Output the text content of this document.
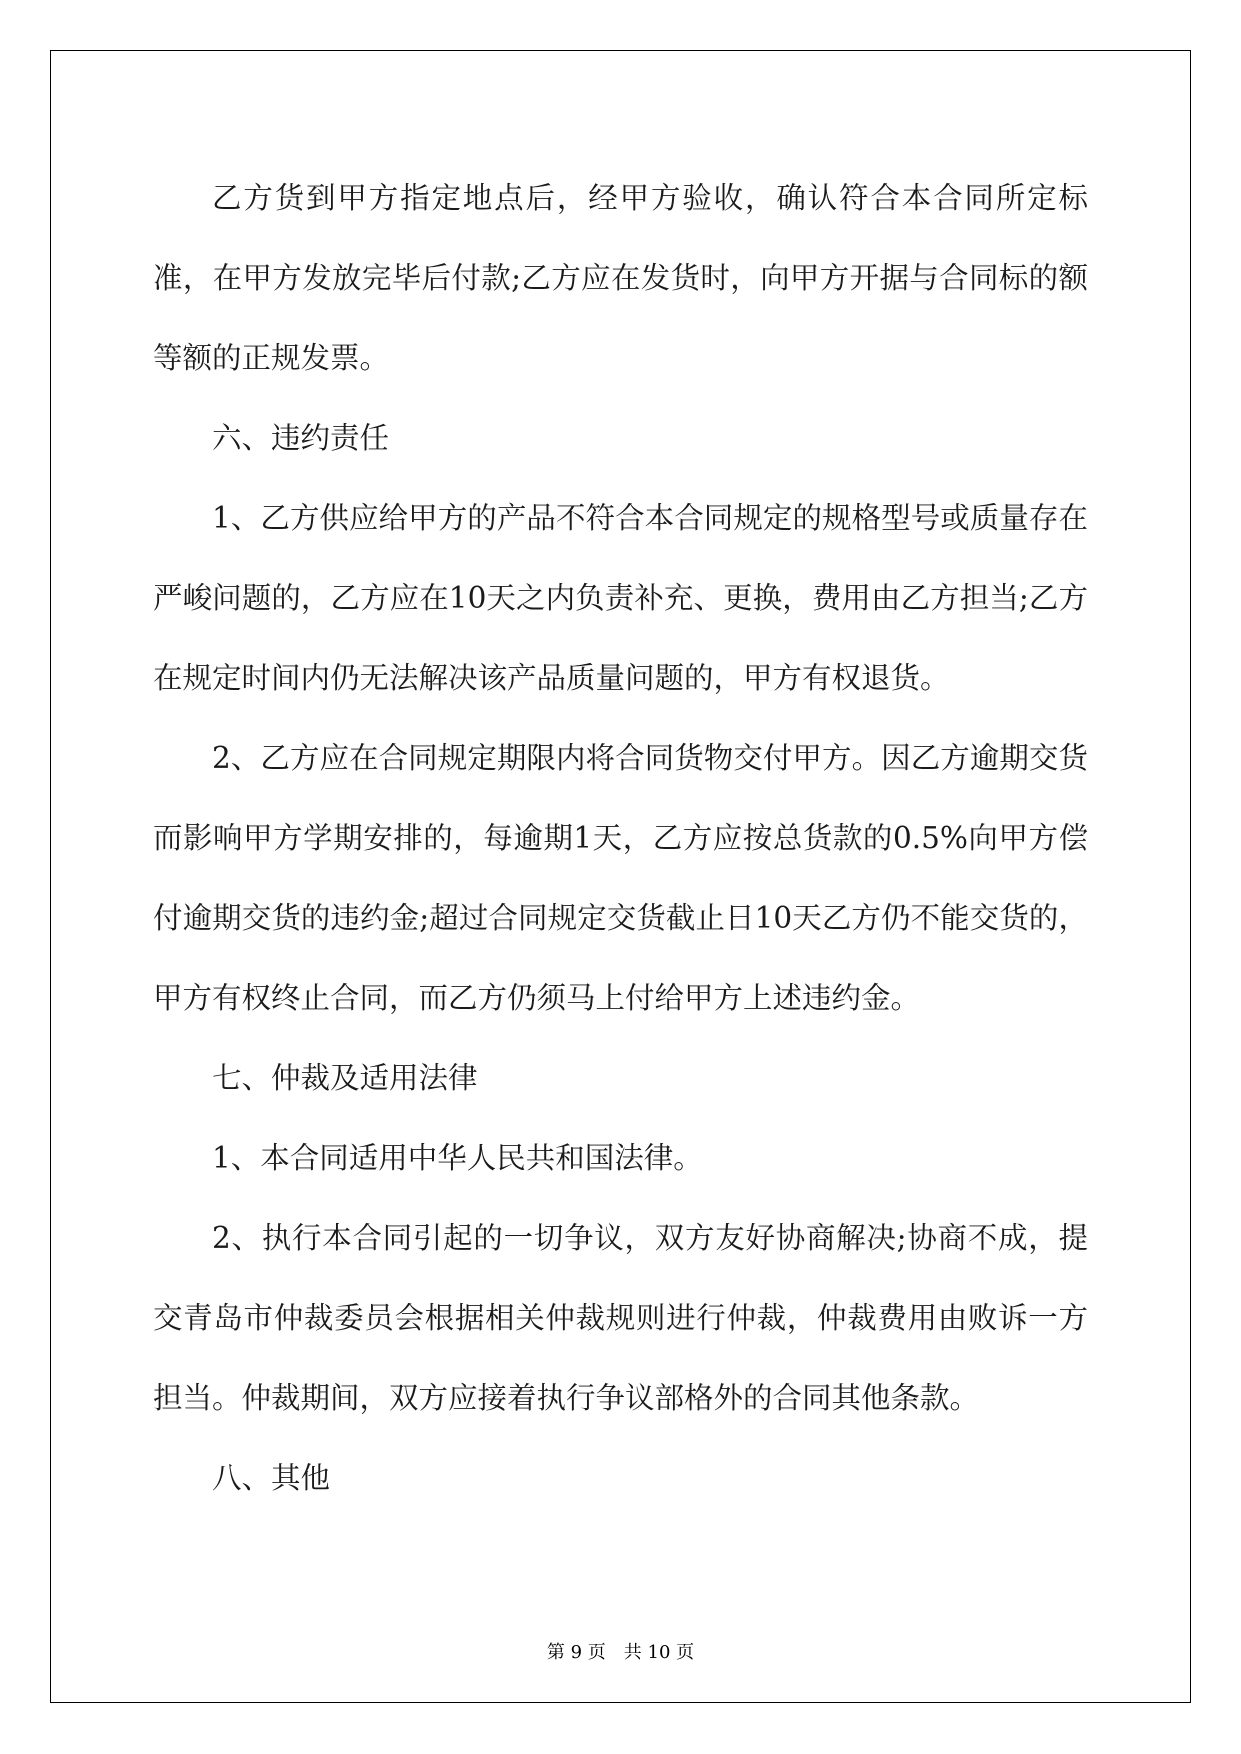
乙方货到甲方指定地点后，经甲方验收，确认符合本合同所定标准，在甲方发放完毕后付款;乙方应在发货时，向甲方开据与合同标的额等额的正规发票。

六、违约责任

1、乙方供应给甲方的产品不符合本合同规定的规格型号或质量存在严峻问题的，乙方应在10天之内负责补充、更换，费用由乙方担当;乙方在规定时间内仍无法解决该产品质量问题的，甲方有权退货。

2、乙方应在合同规定期限内将合同货物交付甲方。因乙方逾期交货而影响甲方学期安排的，每逾期1天，乙方应按总货款的0.5%向甲方偿付逾期交货的违约金;超过合同规定交货截止日10天乙方仍不能交货的，甲方有权终止合同，而乙方仍须马上付给甲方上述违约金。

七、仲裁及适用法律

1、本合同适用中华人民共和国法律。

2、执行本合同引起的一切争议，双方友好协商解决;协商不成，提交青岛市仲裁委员会根据相关仲裁规则进行仲裁，仲裁费用由败诉一方担当。仲裁期间，双方应接着执行争议部格外的合同其他条款。

八、其他

第 9 页　共 10 页
